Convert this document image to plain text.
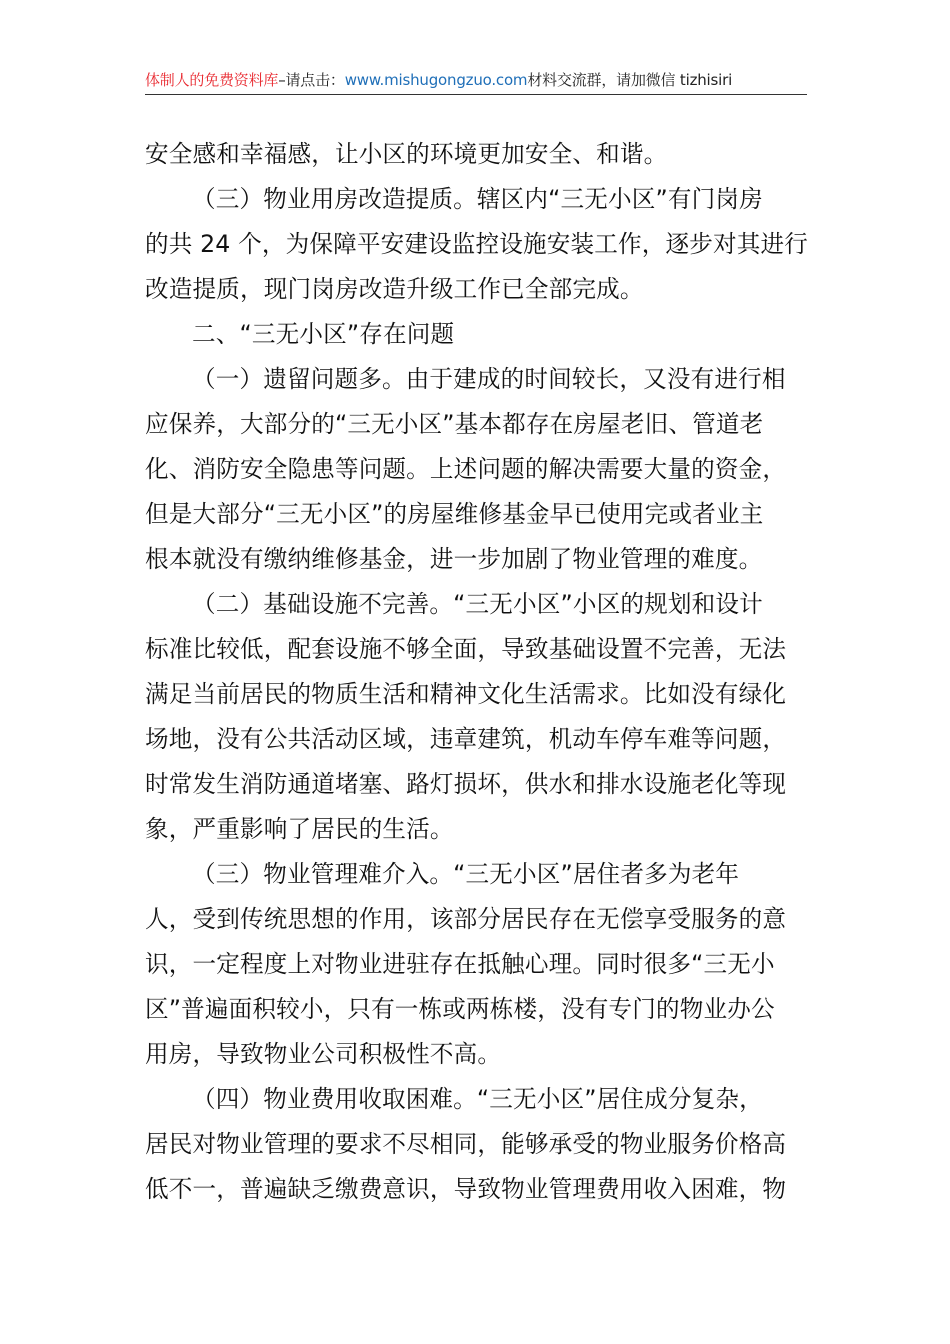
体制人的免费资料库–请点击：www.mishugongzuo.com材料交流群，请加微信 tizhisiri

安全感和幸福感，让小区的环境更加安全、和谐。

（三）物业用房改造提质。辖区内“三无小区”有门岗房
的共 24 个，为保障平安建设监控设施安装工作，逐步对其进行
改造提质，现门岗房改造升级工作已全部完成。

二、“三无小区”存在问题

（一）遗留问题多。由于建成的时间较长，又没有进行相
应保养，大部分的“三无小区”基本都存在房屋老旧、管道老
化、消防安全隐患等问题。上述问题的解决需要大量的资金，
但是大部分“三无小区”的房屋维修基金早已使用完或者业主
根本就没有缴纳维修基金，进一步加剧了物业管理的难度。

（二）基础设施不完善。“三无小区”小区的规划和设计
标准比较低，配套设施不够全面，导致基础设置不完善，无法
满足当前居民的物质生活和精神文化生活需求。比如没有绿化
场地，没有公共活动区域，违章建筑，机动车停车难等问题，
时常发生消防通道堵塞、路灯损坏，供水和排水设施老化等现
象，严重影响了居民的生活。

（三）物业管理难介入。“三无小区”居住者多为老年
人，受到传统思想的作用，该部分居民存在无偿享受服务的意
识，一定程度上对物业进驻存在抵触心理。同时很多“三无小
区”普遍面积较小，只有一栋或两栋楼，没有专门的物业办公
用房，导致物业公司积极性不高。

（四）物业费用收取困难。“三无小区”居住成分复杂，
居民对物业管理的要求不尽相同，能够承受的物业服务价格高
低不一，普遍缺乏缴费意识，导致物业管理费用收入困难，物
